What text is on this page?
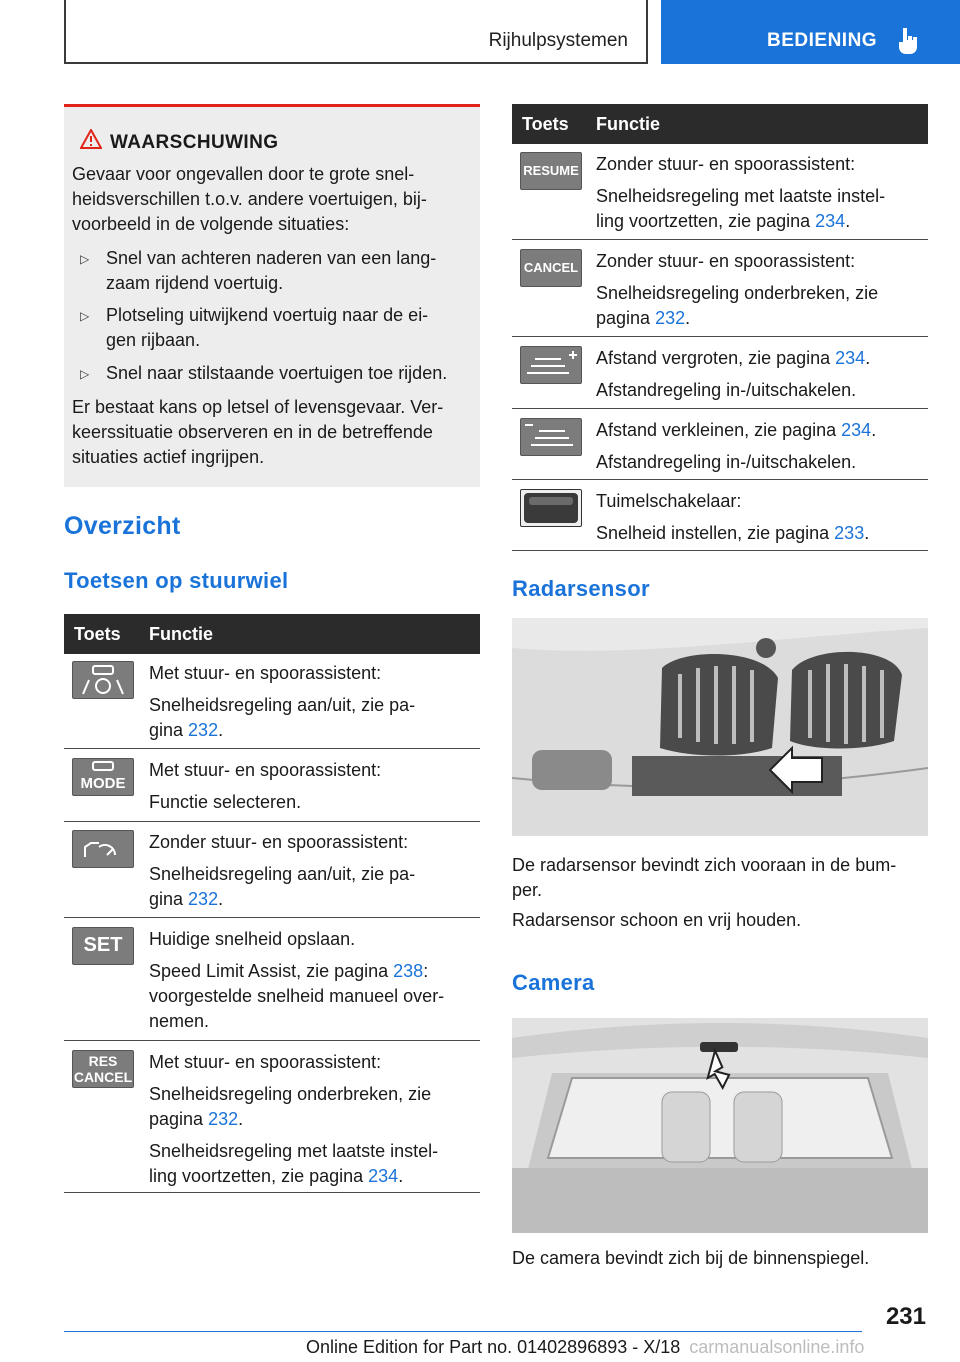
Rijhulpsystemen	BEDIENING
WAARSCHUWING
Gevaar voor ongevallen door te grote snel-
heidsverschillen t.o.v. andere voertuigen, bij-
voorbeeld in de volgende situaties:
▷ Snel van achteren naderen van een lang-
zaam rijdend voertuig.
▷ Plotseling uitwijkend voertuig naar de ei-
gen rijbaan.
▷ Snel naar stilstaande voertuigen toe rijden.
Er bestaat kans op letsel of levensgevaar. Ver-
keerssituatie observeren en in de betreffende
situaties actief ingrijpen.
Overzicht
Toetsen op stuurwiel
Toets Functie
Met stuur- en spoorassistent:
Snelheidsregeling aan/uit, zie pa-
gina 232.
MODE
Met stuur- en spoorassistent:
Functie selecteren.
Zonder stuur- en spoorassistent:
Snelheidsregeling aan/uit, zie pa-
gina 232.
SET	Huidige snelheid opslaan.
Speed Limit Assist, zie pagina 238:
voorgestelde snelheid manueel over-
nemen.
RES
CANCEL
Met stuur- en spoorassistent:
Snelheidsregeling onderbreken, zie
pagina 232.
Snelheidsregeling met laatste instel-
ling voortzetten, zie pagina 234.
Toets Functie
RESUME Zonder stuur- en spoorassistent:
Snelheidsregeling met laatste instel-
ling voortzetten, zie pagina 234.
CANCEL Zonder stuur- en spoorassistent:
Snelheidsregeling onderbreken, zie
pagina 232.
Afstand vergroten, zie pagina 234.
Afstandregeling in-/uitschakelen.
Afstand verkleinen, zie pagina 234.
Afstandregeling in-/uitschakelen.
Tuimelschakelaar:
Snelheid instellen, zie pagina 233.
Radarsensor
De radarsensor bevindt zich vooraan in de bum-
per.
Radarsensor schoon en vrij houden.
Camera
De camera bevindt zich bij de binnenspiegel.
231
Online Edition for Part no. 01402896893 - X/18 carmanualsonline.info
